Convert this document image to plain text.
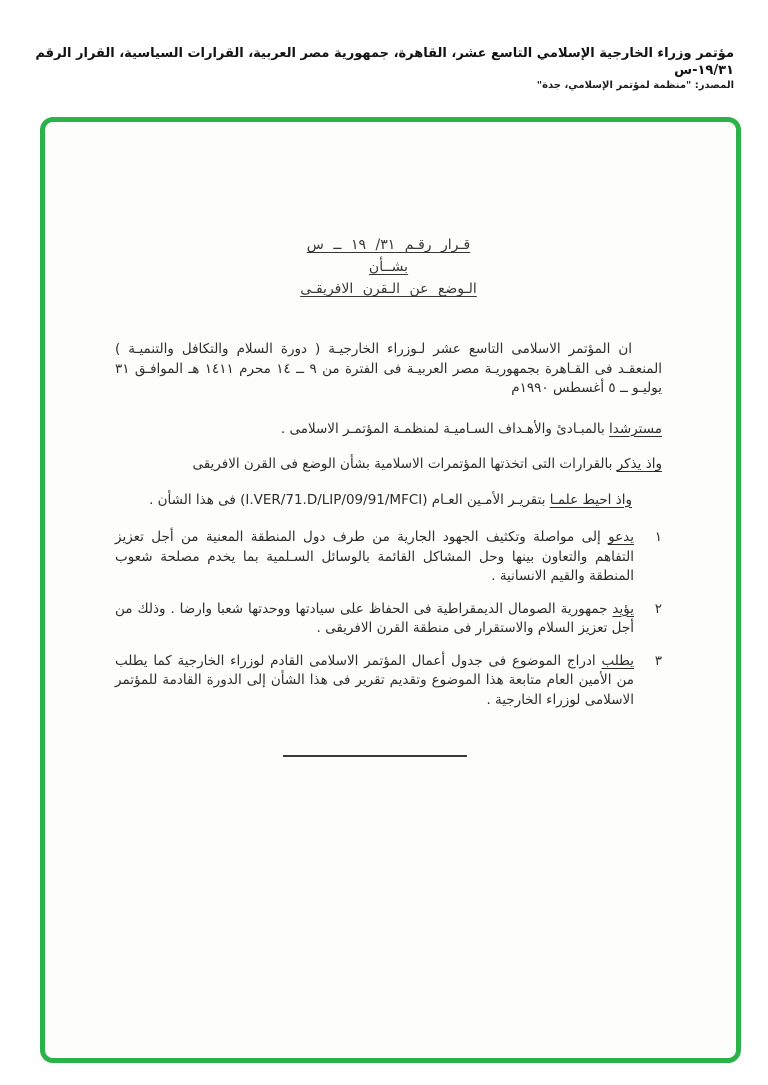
مؤتمر وزراء الخارجية الإسلامي التاسع عشر، القاهرة، جمهورية مصر العربية، القرارات السياسية، القرار الرقم ١٩/٣١-س
المصدر: "منظمة لمؤتمر الإسلامي، جدة"
قـرار رقـم ٣١/ ١٩ ــ س
بشــأن
الـوضع عن الـقرن الافريقـى

ان المؤتمر الاسلامى التاسع عشر لـوزراء الخارجيـة ( دورة السلام والتكافل والتنميـة ) المنعقـد فى القـاهرة بجمهوريـة مصر العربيـة فى الفترة من ٩ ــ ١٤ محرم ١٤١١ هـ الموافـق ٣١ يوليـو ــ ٥ أغسطس ١٩٩٠م

مسترشدا بالمبـادئ والأهـداف السـاميـة لمنظمـة المؤتمـر الاسلامى .

واذ يذكر بالقرارات التى اتخذتها المؤتمرات الاسلامية بشأن الوضع فى القرن الافريقى

واذ احيط علمـا بتقريـر الأمـين العـام (I.VER/71.D/LIP/09/91/MFCI) فى هذا الشأن .

١
يدعو إلى مواصلة وتكثيف الجهود الجارية من طرف دول المنطقة المعنية من أجل تعزيز التفاهم والتعاون بينها وحل المشاكل القائمة بالوسائل السـلمية بما يخدم مصلحة شعوب المنطقة والقيم الانسانية .
٢
يؤيد جمهورية الصومال الديمقراطية فى الحفاظ على سيادتها ووحدتها شعبا وارضا . وذلك من أجل تعزيز السلام والاستقرار فى منطقة القرن الافريقى .
٣
يطلب ادراج الموضوع فى جدول أعمال المؤتمر الاسلامى القادم لوزراء الخارجية كما يطلب من الأمين العام متابعة هذا الموضوع وتقديم تقرير فى هذا الشأن إلى الدورة القادمة للمؤتمر الاسلامى لوزراء الخارجية .
